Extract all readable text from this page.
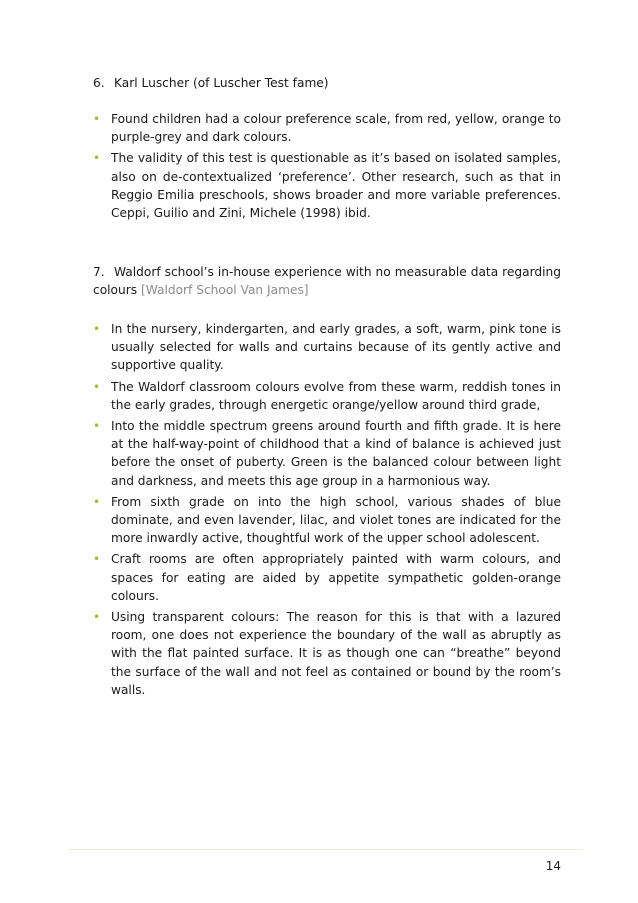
6. Karl Luscher (of Luscher Test fame)
• Found children had a colour preference scale, from red, yellow, orange to purple-grey and dark colours.
• The validity of this test is questionable as it’s based on isolated samples, also on de-contextualized ‘preference’. Other research, such as that in Reggio Emilia preschools, shows broader and more variable preferences. Ceppi, Guilio and Zini, Michele (1998) ibid.
7. Waldorf school’s in-house experience with no measurable data regarding colours [Waldorf School Van James]
• In the nursery, kindergarten, and early grades, a soft, warm, pink tone is usually selected for walls and curtains because of its gently active and supportive quality.
• The Waldorf classroom colours evolve from these warm, reddish tones in the early grades, through energetic orange/yellow around third grade,
• Into the middle spectrum greens around fourth and fifth grade. It is here at the half-way-point of childhood that a kind of balance is achieved just before the onset of puberty. Green is the balanced colour between light and darkness, and meets this age group in a harmonious way.
• From sixth grade on into the high school, various shades of blue dominate, and even lavender, lilac, and violet tones are indicated for the more inwardly active, thoughtful work of the upper school adolescent.
• Craft rooms are often appropriately painted with warm colours, and spaces for eating are aided by appetite sympathetic golden-orange colours.
• Using transparent colours: The reason for this is that with a lazured room, one does not experience the boundary of the wall as abruptly as with the flat painted surface. It is as though one can “breathe” beyond the surface of the wall and not feel as contained or bound by the room’s walls.
14
